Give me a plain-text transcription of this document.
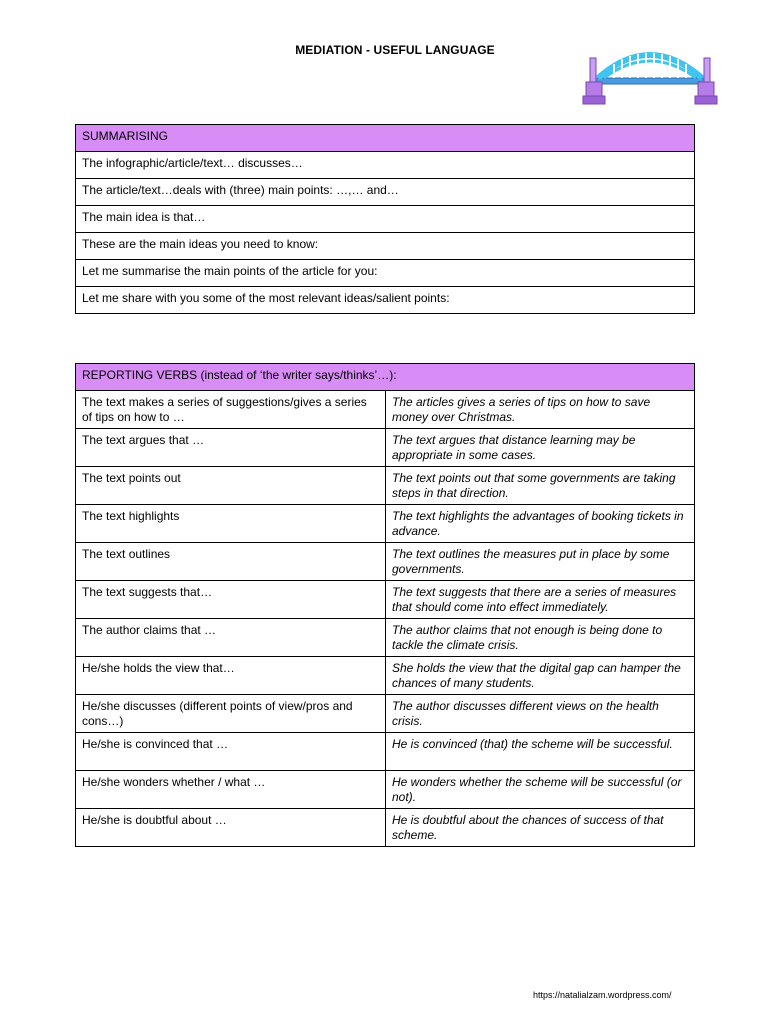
MEDIATION - USEFUL LANGUAGE
SUMMARISING
The infographic/article/text… discusses…
The article/text…deals with (three) main points: …,… and…
The main idea is that…
These are the main ideas you need to know:
Let me summarise the main points of the article for you:
Let me share with you some of the most relevant ideas/salient points:
REPORTING VERBS (instead of ‘the writer says/thinks’…):	
The text makes a series of suggestions/gives a series of tips on how to …	The articles gives a series of tips on how to save money over Christmas.
The text argues that …	The text argues that distance learning may be appropriate in some cases.
The text points out	The text points out that some governments are taking steps in that direction.
The text highlights	The text highlights the advantages of booking tickets in advance.
The text outlines	The text outlines the measures put in place by some governments.
The text suggests that…	The text suggests that there are a series of measures that should come into effect immediately.
The author claims that …	The author claims that not enough is being done to tackle the climate crisis.
He/she holds the view that…	She holds the view that the digital gap can hamper the chances of many students.
He/she discusses (different points of view/pros and cons…)	The author discusses different views on the health crisis.
He/she is convinced that …	He is convinced (that) the scheme will be successful.
He/she wonders whether / what …	He wonders whether the scheme will be successful (or not).
He/she is doubtful about …	He is doubtful about the chances of success of that scheme.
https://natalialzam.wordpress.com/
